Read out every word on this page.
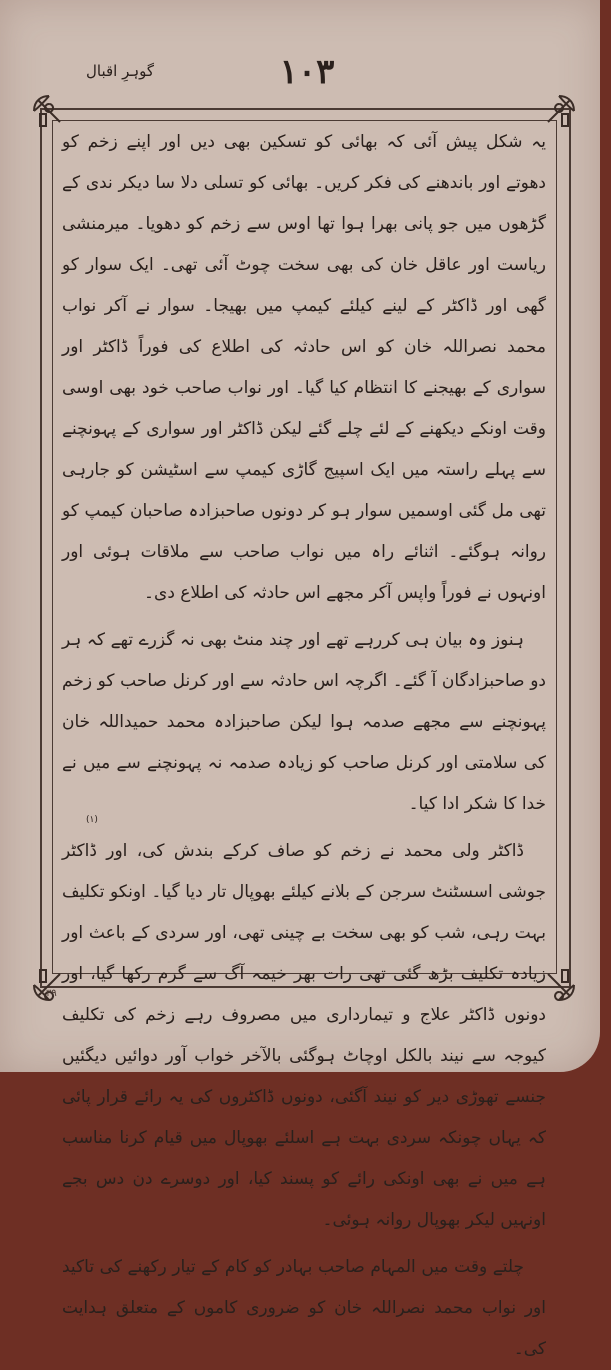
١٠٣
گوہرِ اقبال

یہ شکل پیش آئی کہ بھائی کو تسکین بھی دیں اور اپنے زخم کو دھوتے اور باندھنے کی فکر کریں۔ بھائی کو تسلی دلا سا دیکر ندی کے گڑھوں میں جو پانی بھرا ہوا تھا اوس سے زخم کو دھویا۔ میرمنشی ریاست اور عاقل خان کی بھی سخت چوٹ آئی تھی۔ ایک سوار کو گھی اور ڈاکٹر کے لینے کیلئے کیمپ میں بھیجا۔ سوار نے آکر نواب محمد نصراللہ خان کو اس حادثہ کی اطلاع کی فوراً ڈاکٹر اور سواری کے بھیجنے کا انتظام کیا گیا۔ اور نواب صاحب خود بھی اوسی وقت اونکے دیکھنے کے لئے چلے گئے لیکن ڈاکٹر اور سواری کے پہونچنے سے پہلے راستہ میں ایک اسپیج گاڑی کیمپ سے اسٹیشن کو جارہی تھی مل گئی اوسمیں سوار ہو کر دونوں صاحبزادہ صاحبان کیمپ کو روانہ ہوگئے۔ اثنائے راہ میں نواب صاحب سے ملاقات ہوئی اور اونہوں نے فوراً واپس آکر مجھے اس حادثہ کی اطلاع دی۔

ہنوز وہ بیان ہی کررہے تھے اور چند منٹ بھی نہ گزرے تھے کہ ہر دو صاحبزادگان آ گئے۔ اگرچہ اس حادثہ سے اور کرنل صاحب کو زخم پہونچنے سے مجھے صدمہ ہوا لیکن صاحبزادہ محمد حمیداللہ خان کی سلامتی اور کرنل صاحب کو زیادہ صدمہ نہ پہونچنے سے میں نے خدا کا شکر ادا کیا۔

ڈاکٹر ولی محمد نے زخم کو صاف کرکے بندش کی، اور ڈاکٹر جوشی اسسٹنٹ سرجن کے بلانے کیلئے بھوپال تار دیا گیا۔ اونکو تکلیف بہت رہی، شب کو بھی سخت بے چینی تھی، اور سردی کے باعث اور زیادہ تکلیف بڑھ گئی تھی رات بھر خیمہ آگ سے گرم رکھا گیا، اور دونوں ڈاکٹر علاج و تیمارداری میں مصروف رہے زخم کی تکلیف کیوجہ سے نیند بالکل اوچاٹ ہوگئی بالآخر خواب آور دوائیں دیگئیں جنسے تھوڑی دیر کو نیند آگئی، دونوں ڈاکٹروں کی یہ رائے قرار پائی کہ یہاں چونکہ سردی بہت ہے اسلئے بھوپال میں قیام کرنا مناسب ہے میں نے بھی اونکی رائے کو پسند کیا، اور دوسرے دن دس بجے اونہیں لیکر بھوپال روانہ ہوئی۔

چلتے وقت میں المہام صاحب بہادر کو کام کے تیار رکھنے کی تاکید اور نواب محمد نصراللہ خان کو ضروری کاموں کے متعلق ہدایت کی۔

٣٩
(١)
